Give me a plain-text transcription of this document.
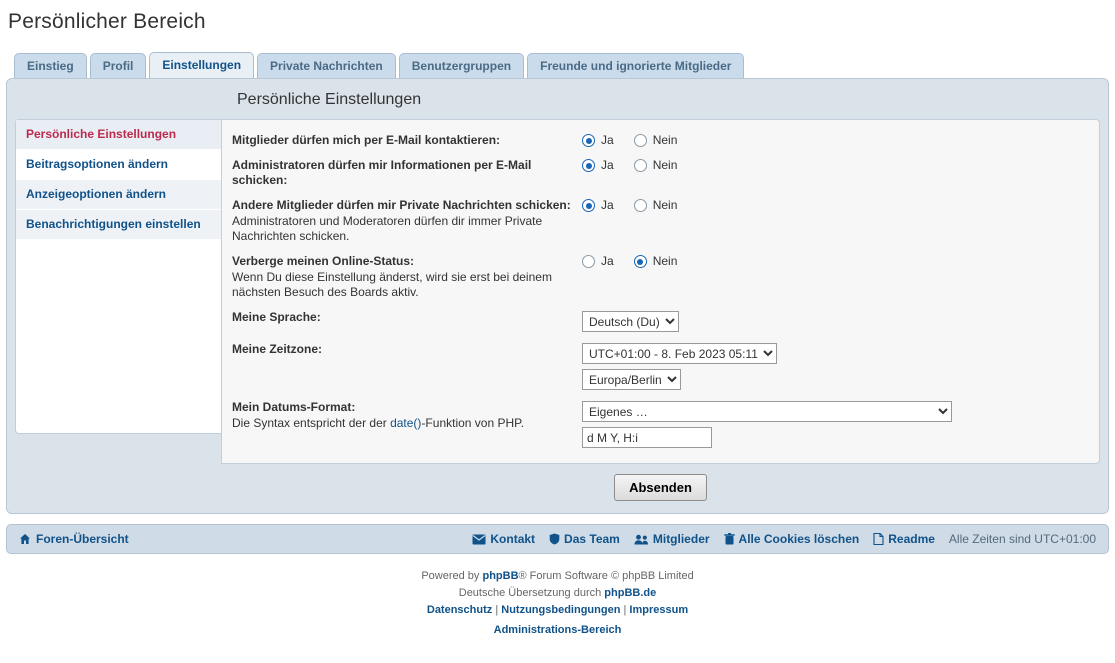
Persönlicher Bereich
Einstieg	Profil	Einstellungen	Private Nachrichten	Benutzergruppen	Freunde und ignorierte Mitglieder
Persönliche Einstellungen
Persönliche Einstellungen
Beitragsoptionen ändern
Anzeigeoptionen ändern
Benachrichtigungen einstellen
Mitglieder dürfen mich per E-Mail kontaktieren:	Ja	Nein
Administratoren dürfen mir Informationen per E-Mail schicken:
Ja	Nein
Andere Mitglieder dürfen mir Private Nachrichten schicken:
Administratoren und Moderatoren dürfen dir immer Private Nachrichten schicken.
Ja	Nein
Verberge meinen Online-Status:
Wenn Du diese Einstellung änderst, wird sie erst bei deinem nächsten Besuch des Boards aktiv.
Ja	Nein
Meine Sprache:
Deutsch (Du)
Meine Zeitzone:
UTC+01:00 - 8. Feb 2023 05:11
Europa/Berlin
Mein Datums-Format:
Die Syntax entspricht der der date()-Funktion von PHP.
Eigenes …
d M Y, H:i
Absenden
Foren-Übersicht	Kontakt Das Team	Mitglieder Alle Cookies löschen Readme Alle Zeiten sind UTC+01:00
Powered by phpBB® Forum Software © phpBB Limited
Deutsche Übersetzung durch phpBB.de
Datenschutz | Nutzungsbedingungen | Impressum
Administrations-Bereich
